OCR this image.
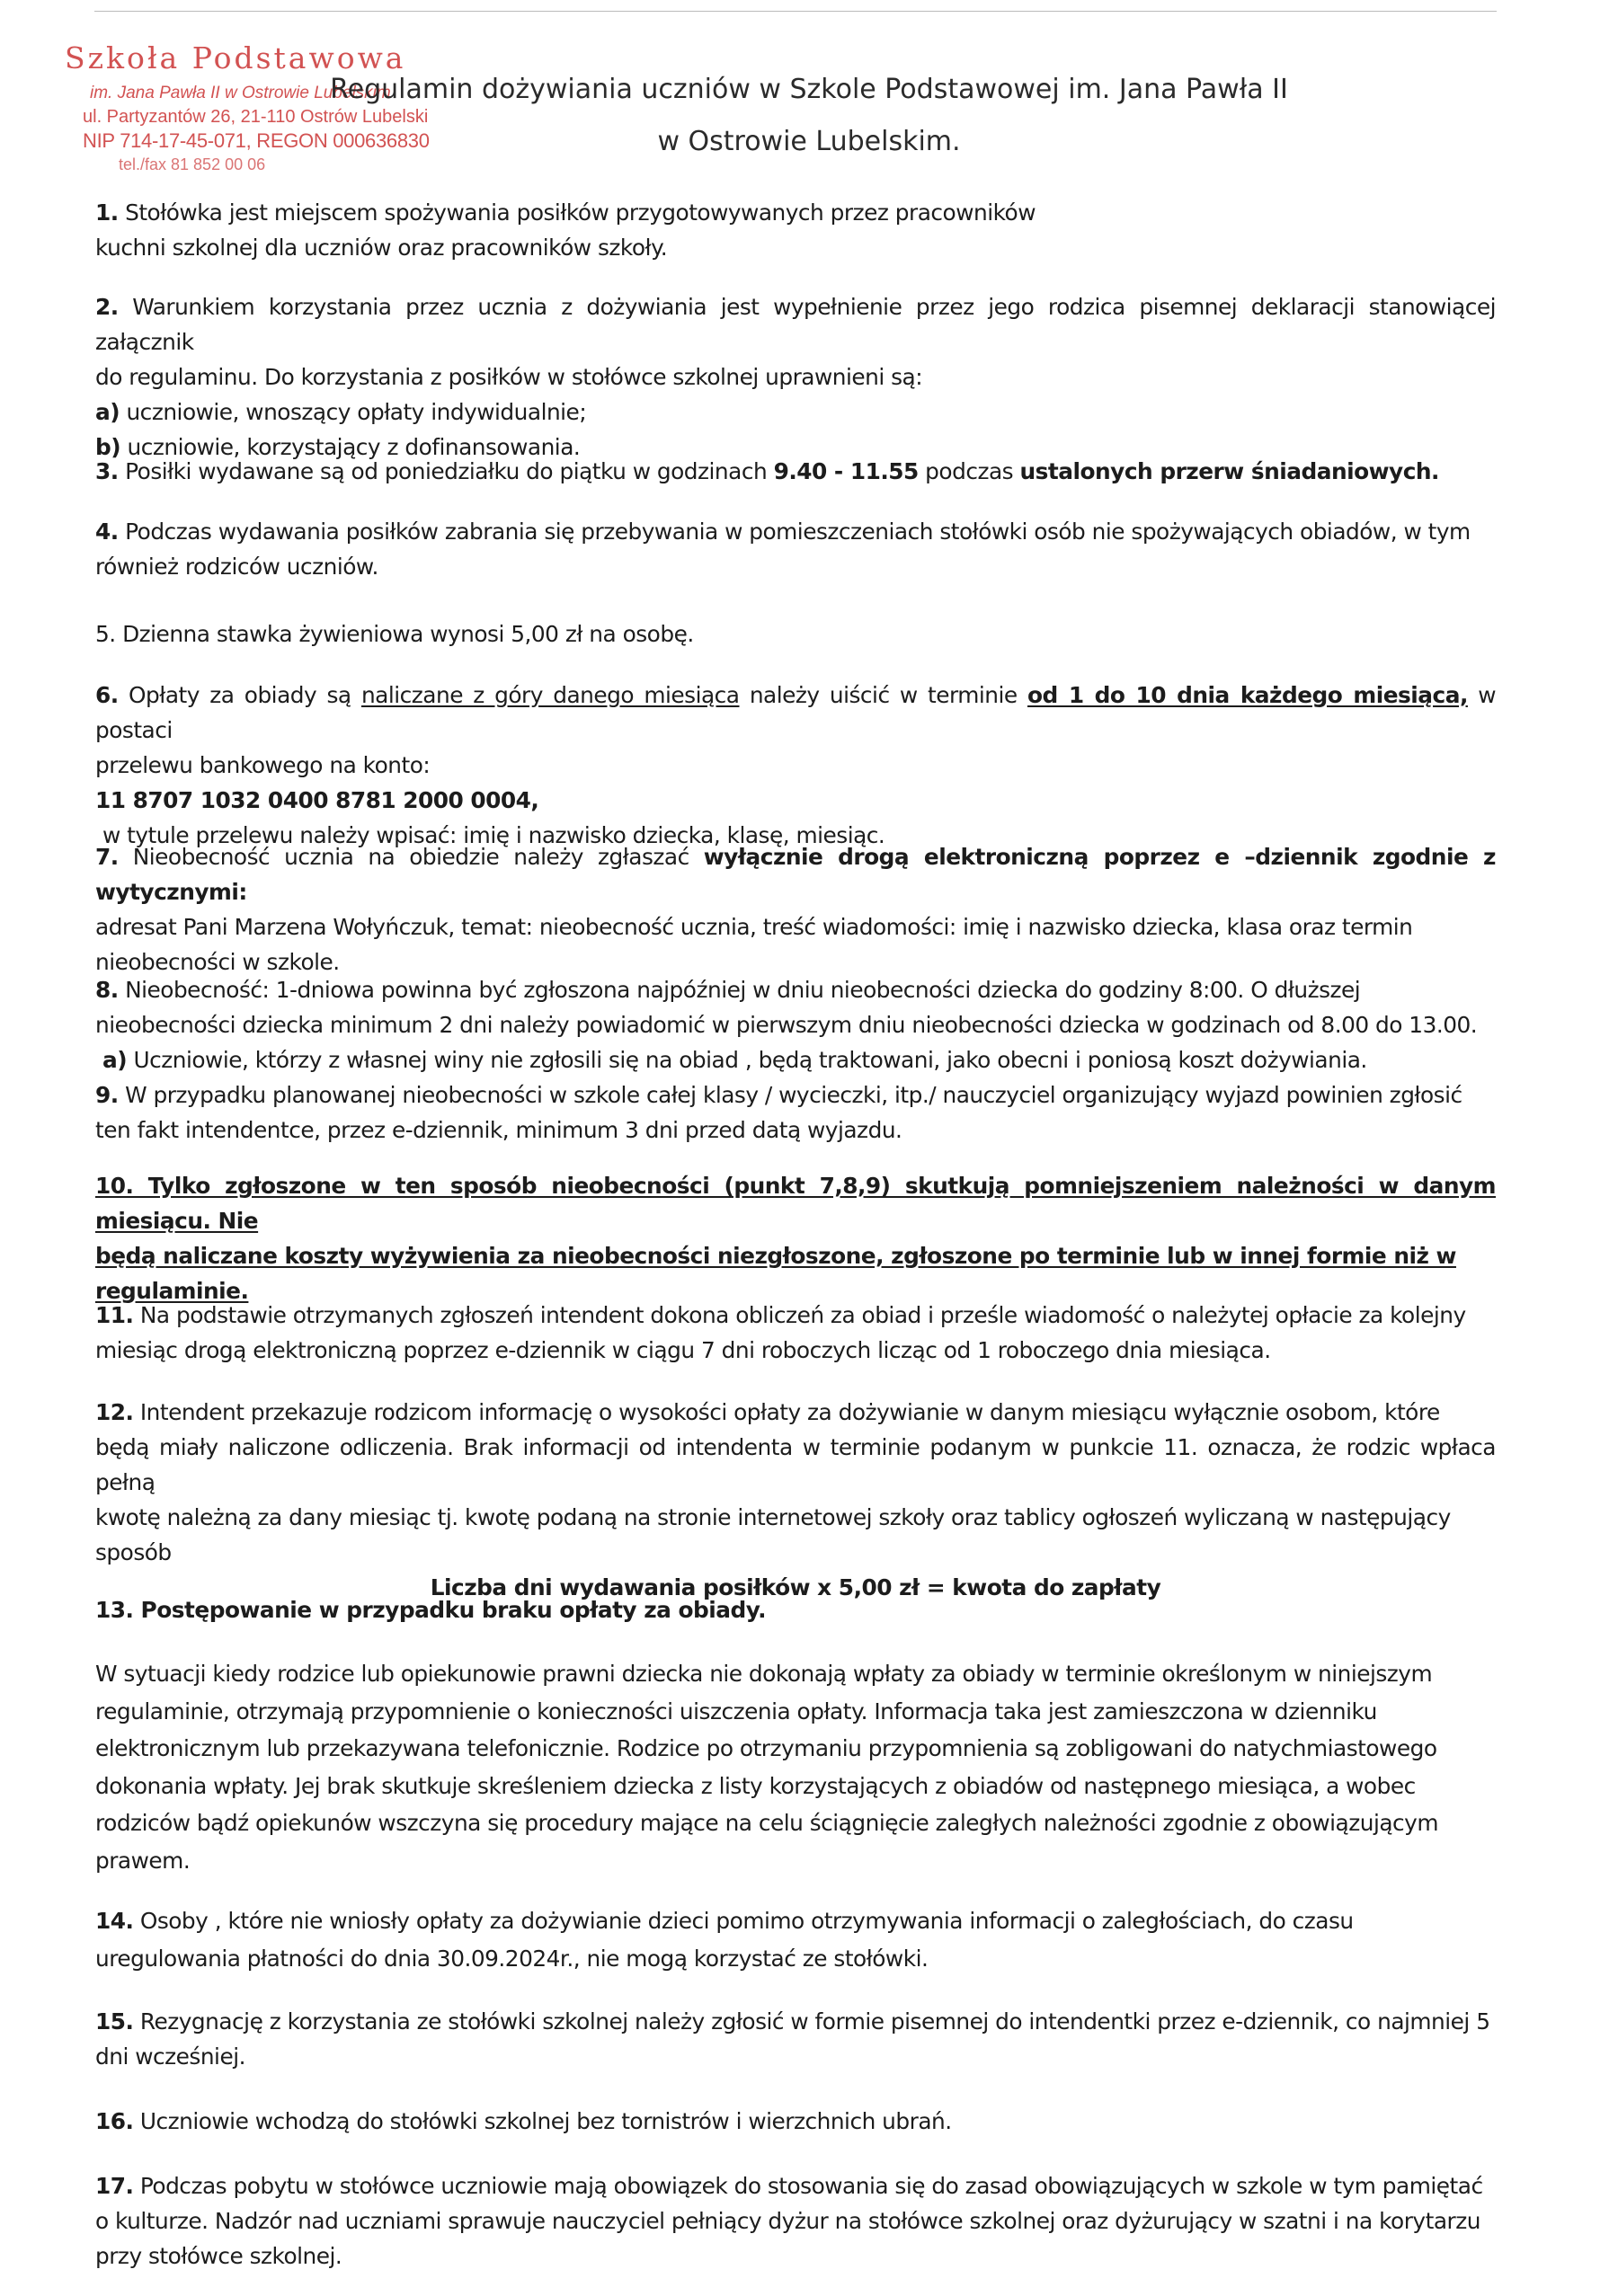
Szkoła Podstawowa
im. Jana Pawła II w Ostrowie Lubelskim
ul. Partyzantów 26, 21-110 Ostrów Lubelski
NIP 714-17-45-071, REGON 000636830
tel./fax 81 852 00 06
Regulamin dożywiania uczniów w Szkole Podstawowej im. Jana Pawła II
w Ostrowie Lubelskim.

1. Stołówka jest miejscem spożywania posiłków przygotowywanych przez pracowników

kuchni szkolnej dla uczniów oraz pracowników szkoły.

2. Warunkiem korzystania przez ucznia z dożywiania jest wypełnienie przez jego rodzica pisemnej deklaracji stanowiącej załącznik

do regulaminu. Do korzystania z posiłków w stołówce szkolnej uprawnieni są:

a) uczniowie, wnoszący opłaty indywidualnie;

b) uczniowie, korzystający z dofinansowania.

3. Posiłki wydawane są od poniedziałku do piątku w godzinach 9.40 - 11.55 podczas ustalonych przerw śniadaniowych.

4. Podczas wydawania posiłków zabrania się przebywania w pomieszczeniach stołówki osób nie spożywających obiadów, w tym

również rodziców uczniów.

5. Dzienna stawka żywieniowa wynosi 5,00 zł na osobę.

6. Opłaty za obiady są naliczane z góry danego miesiąca należy uiścić w terminie od 1 do 10 dnia każdego miesiąca, w postaci

przelewu bankowego na konto:

11 8707 1032 0400 8781 2000 0004,

w tytule przelewu należy wpisać: imię i nazwisko dziecka, klasę, miesiąc.

7. Nieobecność ucznia na obiedzie należy zgłaszać wyłącznie drogą elektroniczną poprzez e –dziennik zgodnie z wytycznymi:

adresat Pani Marzena Wołyńczuk, temat: nieobecność ucznia, treść wiadomości: imię i nazwisko dziecka, klasa oraz termin

nieobecności w szkole.

8. Nieobecność: 1-dniowa powinna być zgłoszona najpóźniej w dniu nieobecności dziecka do godziny 8:00. O dłuższej

nieobecności dziecka minimum 2 dni należy powiadomić w pierwszym dniu nieobecności dziecka w godzinach od 8.00 do 13.00.

a) Uczniowie, którzy z własnej winy nie zgłosili się na obiad , będą traktowani, jako obecni i poniosą koszt dożywiania.

9. W przypadku planowanej nieobecności w szkole całej klasy / wycieczki, itp./ nauczyciel organizujący wyjazd powinien zgłosić

ten fakt intendentce, przez e-dziennik, minimum 3 dni przed datą wyjazdu.

10. Tylko zgłoszone w ten sposób nieobecności (punkt 7,8,9) skutkują pomniejszeniem należności w danym miesiącu. Nie

będą naliczane koszty wyżywienia za nieobecności niezgłoszone, zgłoszone po terminie lub w innej formie niż w

regulaminie.

11. Na podstawie otrzymanych zgłoszeń intendent dokona obliczeń za obiad i prześle wiadomość o należytej opłacie za kolejny

miesiąc drogą elektroniczną poprzez e-dziennik w ciągu 7 dni roboczych licząc od 1 roboczego dnia miesiąca.

12. Intendent przekazuje rodzicom informację o wysokości opłaty za dożywianie w danym miesiącu wyłącznie osobom, które

będą miały naliczone odliczenia. Brak informacji od intendenta w terminie podanym w punkcie 11. oznacza, że rodzic wpłaca pełną

kwotę należną za dany miesiąc tj. kwotę podaną na stronie internetowej szkoły oraz tablicy ogłoszeń wyliczaną w następujący

sposób

Liczba dni wydawania posiłków x 5,00 zł = kwota do zapłaty

13. Postępowanie w przypadku braku opłaty za obiady.

W sytuacji kiedy rodzice lub opiekunowie prawni dziecka nie dokonają wpłaty za obiady w terminie określonym w niniejszym

regulaminie, otrzymają przypomnienie o konieczności uiszczenia opłaty. Informacja taka jest zamieszczona w dzienniku

elektronicznym lub przekazywana telefonicznie. Rodzice po otrzymaniu przypomnienia są zobligowani do natychmiastowego

dokonania wpłaty. Jej brak skutkuje skreśleniem dziecka z listy korzystających z obiadów od następnego miesiąca, a wobec

rodziców bądź opiekunów wszczyna się procedury mające na celu ściągnięcie zaległych należności zgodnie z obowiązującym

prawem.

14. Osoby , które nie wniosły opłaty za dożywianie dzieci pomimo otrzymywania informacji o zaległościach, do czasu

uregulowania płatności do dnia 30.09.2024r., nie mogą korzystać ze stołówki.

15. Rezygnację z korzystania ze stołówki szkolnej należy zgłosić w formie pisemnej do intendentki przez e-dziennik, co najmniej 5

dni wcześniej.

16. Uczniowie wchodzą do stołówki szkolnej bez tornistrów i wierzchnich ubrań.

17. Podczas pobytu w stołówce uczniowie mają obowiązek do stosowania się do zasad obowiązujących w szkole w tym pamiętać

o kulturze. Nadzór nad uczniami sprawuje nauczyciel pełniący dyżur na stołówce szkolnej oraz dyżurujący w szatni i na korytarzu

przy stołówce szkolnej.
